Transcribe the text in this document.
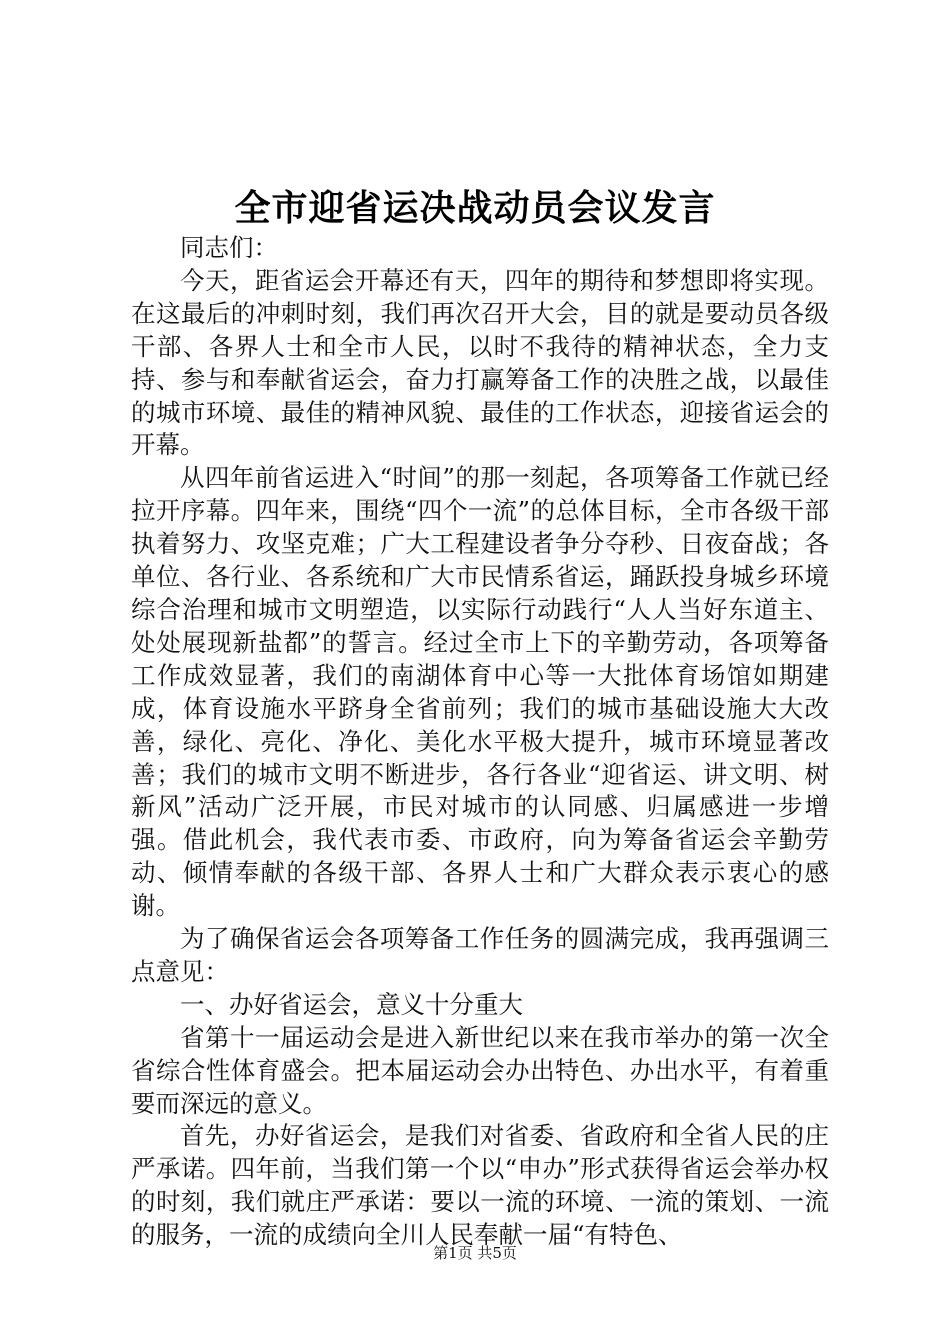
全市迎省运决战动员会议发言

同志们：

今天，距省运会开幕还有天，四年的期待和梦想即将实现。在这最后的冲刺时刻，我们再次召开大会，目的就是要动员各级干部、各界人士和全市人民，以时不我待的精神状态，全力支持、参与和奉献省运会，奋力打赢筹备工作的决胜之战，以最佳的城市环境、最佳的精神风貌、最佳的工作状态，迎接省运会的开幕。

从四年前省运进入“时间”的那一刻起，各项筹备工作就已经拉开序幕。四年来，围绕“四个一流”的总体目标，全市各级干部执着努力、攻坚克难；广大工程建设者争分夺秒、日夜奋战；各单位、各行业、各系统和广大市民情系省运，踊跃投身城乡环境综合治理和城市文明塑造，以实际行动践行“人人当好东道主、处处展现新盐都”的誓言。经过全市上下的辛勤劳动，各项筹备工作成效显著，我们的南湖体育中心等一大批体育场馆如期建成，体育设施水平跻身全省前列；我们的城市基础设施大大改善，绿化、亮化、净化、美化水平极大提升，城市环境显著改善；我们的城市文明不断进步，各行各业“迎省运、讲文明、树新风”活动广泛开展，市民对城市的认同感、归属感进一步增强。借此机会，我代表市委、市政府，向为筹备省运会辛勤劳动、倾情奉献的各级干部、各界人士和广大群众表示衷心的感谢。

为了确保省运会各项筹备工作任务的圆满完成，我再强调三点意见：

一、办好省运会，意义十分重大

省第十一届运动会是进入新世纪以来在我市举办的第一次全省综合性体育盛会。把本届运动会办出特色、办出水平，有着重要而深远的意义。

首先，办好省运会，是我们对省委、省政府和全省人民的庄严承诺。四年前，当我们第一个以“申办”形式获得省运会举办权的时刻，我们就庄严承诺：要以一流的环境、一流的策划、一流的服务，一流的成绩向全川人民奉献一届“有特色、

第1页 共5页
